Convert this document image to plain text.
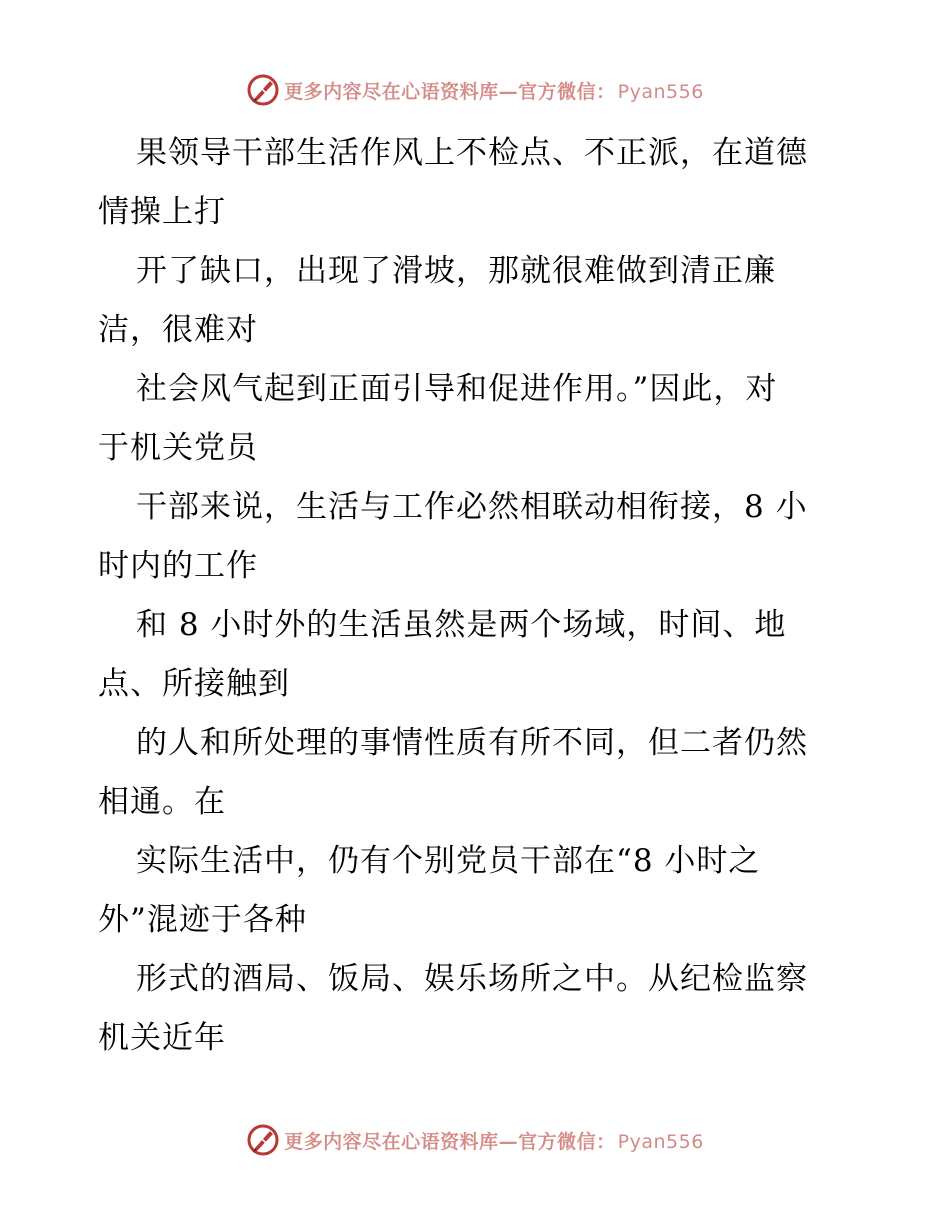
更多内容尽在心语资料库—官方微信： Pyan556
果领导干部生活作风上不检点、不正派，在道德
情操上打
开了缺口，出现了滑坡，那就很难做到清正廉
洁，很难对
社会风气起到正面引导和促进作用。”因此，对
于机关党员
干部来说，生活与工作必然相联动相衔接，8 小
时内的工作
和 8 小时外的生活虽然是两个场域，时间、地
点、所接触到
的人和所处理的事情性质有所不同，但二者仍然
相通。在
实际生活中，仍有个别党员干部在“8 小时之
外”混迹于各种
形式的酒局、饭局、娱乐场所之中。从纪检监察
机关近年
更多内容尽在心语资料库—官方微信： Pyan556
